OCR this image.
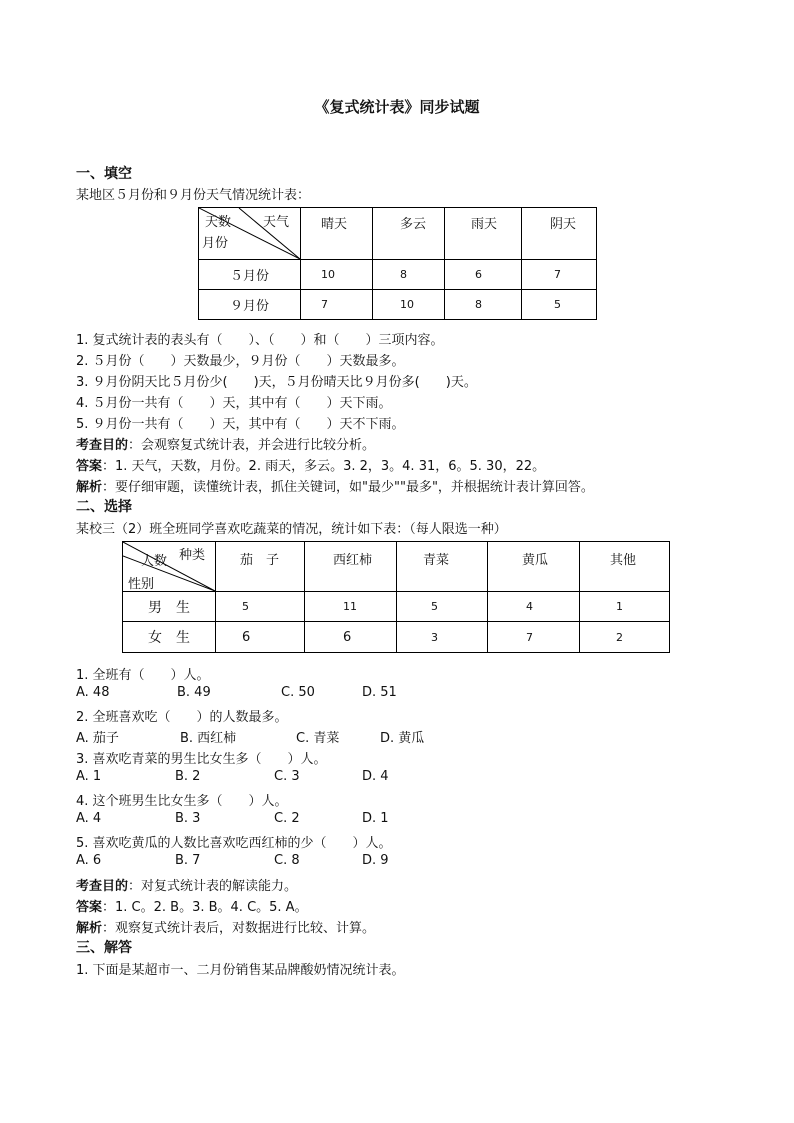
《复式统计表》同步试题
一、填空
某地区５月份和９月份天气情况统计表：
天数 天气
月份	晴天	多云	雨天	阴天

５月份	10	8	6	7
９月份	7	10	8	5
1. 复式统计表的表头有（　　）、（　　）和（　　）三项内容。
2. ５月份（　　）天数最少，９月份（　　）天数最多。
3. ９月份阴天比５月份少(　　)天，５月份晴天比９月份多(　　)天。
4. ５月份一共有（　　）天，其中有（　　）天下雨。
5. ９月份一共有（　　）天，其中有（　　）天不下雨。
考查目的：会观察复式统计表，并会进行比较分析。
答案：1. 天气，天数，月份。2. 雨天，多云。3. 2，3。4. 31，6。5. 30，22。
解析：要仔细审题，读懂统计表，抓住关键词，如"最少""最多"，并根据统计表计算回答。
二、选择
某校三（2）班全班同学喜欢吃蔬菜的情况，统计如下表：（每人限选一种）
人数 种类
性别	茄　子	西红柿	青菜	黄瓜	其他

男　生	5	11	5	4	1
女　生	6	6	3	7	2
1. 全班有（　　）人。
A. 48	B. 49	C. 50	D. 51
2. 全班喜欢吃（　　）的人数最多。
A. 茄子	B. 西红柿	C. 青菜	D. 黄瓜
3. 喜欢吃青菜的男生比女生多（　　）人。
A. 1	B. 2	C. 3	D. 4
4. 这个班男生比女生多（　　）人。
A. 4	B. 3	C. 2	D. 1
5. 喜欢吃黄瓜的人数比喜欢吃西红柿的少（　　）人。
A. 6	B. 7	C. 8	D. 9
考查目的：对复式统计表的解读能力。
答案：1. C。2. B。3. B。4. C。5. A。
解析：观察复式统计表后，对数据进行比较、计算。
三、解答
1. 下面是某超市一、二月份销售某品牌酸奶情况统计表。
